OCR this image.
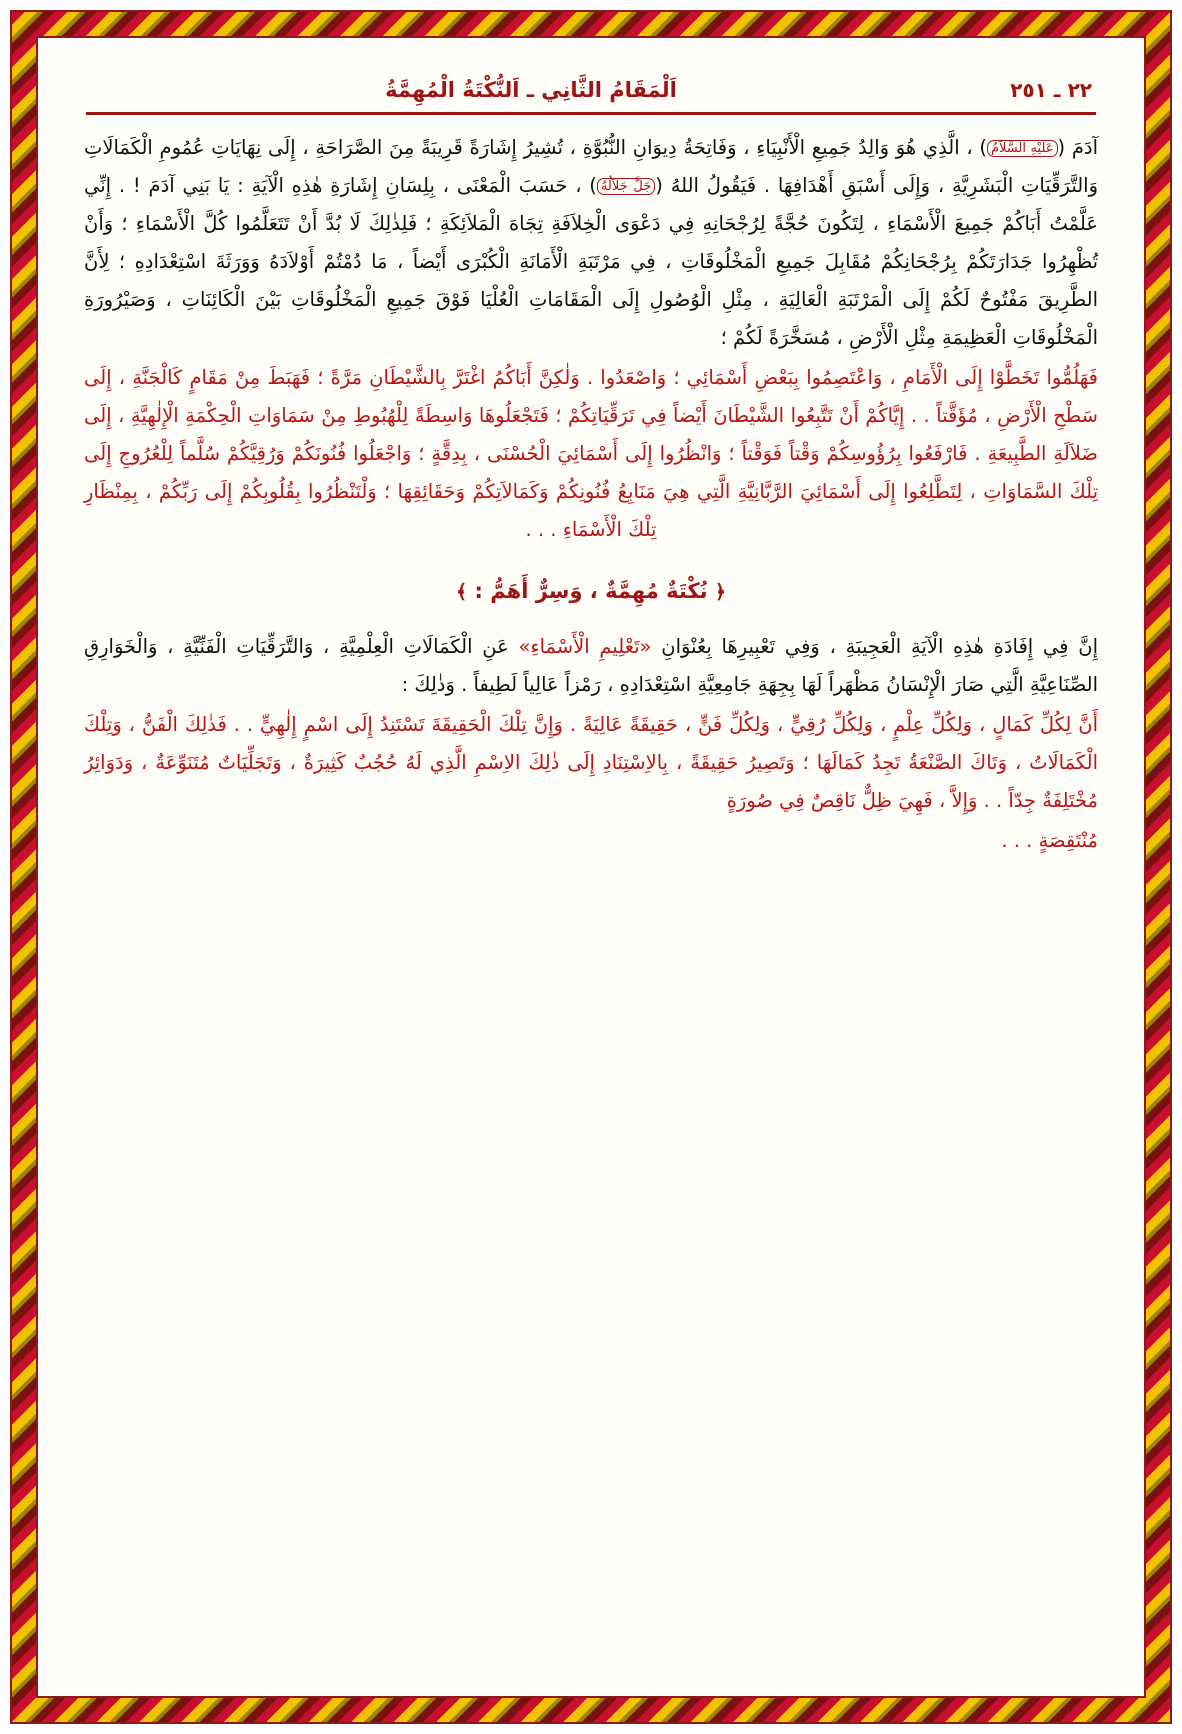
اَلْمَقَامُ الثَّانِي ـ اَلنُّكْتَةُ الْمُهِمَّةُ	٢٢ ـ ٢٥١

آدَمَ (عَلَيْهِ السَّلاَمُ) ، الَّذِي هُوَ وَالِدُ جَمِيعِ الْأَنْبِيَاءِ ، وَفَاتِحَةُ دِيوَانِ النُّبُوَّةِ ، تُشِيرُ إِشَارَةً قَرِيبَةً مِنَ الصَّرَاحَةِ ، إِلَى نِهَايَاتِ عُمُومِ الْكَمَالَاتِ وَالتَّرَقِّيَاتِ الْبَشَرِيَّةِ ، وَإِلَى أَسْبَقِ أَهْدَافِهَا . فَيَقُولُ اللهُ (جَلَّ جَلاَلُهُ) ، حَسَبَ الْمَعْنَى ، بِلِسَانِ إِشَارَةِ هٰذِهِ الْآيَةِ : يَا بَنِي آدَمَ ! . إِنِّي عَلَّمْتُ أَبَاكُمْ جَمِيعَ الْأَسْمَاءِ ، لِتَكُونَ حُجَّةً لِرُجْحَانِهِ فِي دَعْوَى الْخِلاَفَةِ تِجَاهَ الْمَلاَئِكَةِ ؛ فَلِذٰلِكَ لَا بُدَّ أَنْ تَتَعَلَّمُوا كُلَّ الْأَسْمَاءِ ؛ وَأَنْ تُظْهِرُوا جَدَارَتَكُمْ بِرُجْحَانِكُمْ مُقَابِلَ جَمِيعِ الْمَخْلُوقَاتِ ، فِي مَرْتَبَةِ الْأَمَانَةِ الْكُبْرَى أَيْضاً ، مَا دُمْتُمْ أَوْلاَدَهُ وَوَرَثَةَ اسْتِعْدَادِهِ ؛ لِأَنَّ الطَّرِيقَ مَفْتُوحٌ لَكُمْ إِلَى الْمَرْتَبَةِ الْعَالِيَةِ ، مِثْلِ الْوُصُولِ إِلَى الْمَقَامَاتِ الْعُلْيَا فَوْقَ جَمِيعِ الْمَخْلُوقَاتِ بَيْنَ الْكَائِنَاتِ ، وَصَيْرُورَةِ الْمَخْلُوقَاتِ الْعَظِيمَةِ مِثْلِ الْأَرْضِ ، مُسَخَّرَةً لَكُمْ ؛

فَهَلُمُّوا تَخَطَّوْا إِلَى الْأَمَامِ ، وَاعْتَصِمُوا بِبَعْضِ أَسْمَائِي ؛ وَاصْعَدُوا . وَلٰكِنَّ أَبَاكُمُ اغْتَرَّ بِالشَّيْطَانِ مَرَّةً ؛ فَهَبَطَ مِنْ مَقَامٍ كَالْجَنَّةِ ، إِلَى سَطْحِ الْأَرْضِ ، مُؤَقَّتاً . . إِيَّاكُمْ أَنْ تَتَّبِعُوا الشَّيْطَانَ أَيْضاً فِي تَرَقِّيَاتِكُمْ ؛ فَتَجْعَلُوهَا وَاسِطَةً لِلْهُبُوطِ مِنْ سَمَاوَاتِ الْحِكْمَةِ الْإِلٰهِيَّةِ ، إِلَى ضَلاَلَةِ الطَّبِيعَةِ . فَارْفَعُوا بِرُؤُوسِكُمْ وَقْتاً فَوَقْتاً ؛ وَانْظُرُوا إِلَى أَسْمَائِيَ الْحُسْنَى ، بِدِقَّةٍ ؛ وَاجْعَلُوا فُنُونَكُمْ وَرُقِيَّكُمْ سُلَّماً لِلْعُرُوجِ إِلَى تِلْكَ السَّمَاوَاتِ ، لِتَطَّلِعُوا إِلَى أَسْمَائِيَ الرَّبَّانِيَّةِ الَّتِي هِيَ مَنَابِعُ فُنُونِكُمْ وَكَمَالاَتِكُمْ وَحَقَائِقِهَا ؛ وَلْتَنْظُرُوا بِقُلُوبِكُمْ إِلَى رَبِّكُمْ ، بِمِنْظَارِ تِلْكَ الْأَسْمَاءِ . . .

﴿ نُكْتَةٌ مُهِمَّةٌ ، وَسِرٌّ أَهَمُّ : ﴾

إِنَّ فِي إِفَادَةِ هٰذِهِ الْآيَةِ الْعَجِيبَةِ ، وَفِي تَعْبِيرِهَا بِعُنْوَانِ «تَعْلِيمِ الْأَسْمَاءِ» عَنِ الْكَمَالَاتِ الْعِلْمِيَّةِ ، وَالتَّرَقِّيَاتِ الْفَنِّيَّةِ ، وَالْخَوَارِقِ الصِّنَاعِيَّةِ الَّتِي صَارَ الْإِنْسَانُ مَظْهَراً لَهَا بِجِهَةِ جَامِعِيَّةِ اسْتِعْدَادِهِ ، رَمْزاً عَالِياً لَطِيفاً . وَذٰلِكَ :

أَنَّ لِكُلِّ كَمَالٍ ، وَلِكُلِّ عِلْمٍ ، وَلِكُلِّ رُقِيٍّ ، وَلِكُلِّ فَنٍّ ، حَقِيقَةً عَالِيَةً . وَإِنَّ تِلْكَ الْحَقِيقَةَ تَسْتَنِدُ إِلَى اسْمٍ إِلٰهِيٍّ . . فَذٰلِكَ الْفَنُّ ، وَتِلْكَ الْكَمَالَاتُ ، وَتَاكَ الصَّنْعَةُ تَجِدُ كَمَالَهَا ؛ وَتَصِيرُ حَقِيقَةً ، بِالاِسْتِنَادِ إِلَى ذٰلِكَ الاِسْمِ الَّذِي لَهُ حُجُبٌ كَثِيرَةٌ ، وَتَجَلِّيَاتٌ مُتَنَوِّعَةٌ ، وَدَوَائِرُ مُخْتَلِفَةٌ جِدّاً . . وَإِلاَّ ، فَهِيَ ظِلٌّ نَاقِصٌ فِي صُورَةٍ

مُنْتَقِصَةٍ . . .
